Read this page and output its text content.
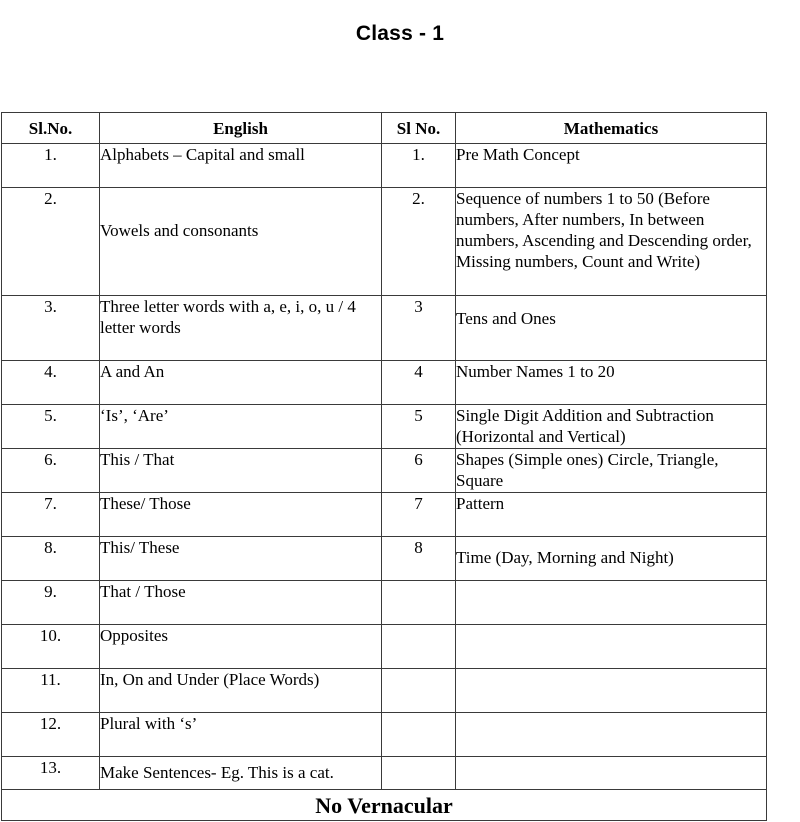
Class - 1
Sl.No.	English	Sl No.	Mathematics
1.	Alphabets – Capital and small	1.	Pre Math Concept
2.	Vowels and consonants	2.	Sequence of numbers 1 to 50 (Before numbers, After numbers, In between numbers, Ascending and Descending order, Missing numbers, Count and Write)
3.	Three letter words with a, e, i, o, u / 4 letter words	3	Tens and Ones
4.	A and An	4	Number Names 1 to 20
5.	‘Is’, ‘Are’	5	Single Digit Addition and Subtraction (Horizontal and Vertical)
6.	This / That	6	Shapes (Simple ones) Circle, Triangle, Square
7.	These/ Those	7	Pattern
8.	This/ These	8	Time (Day, Morning and Night)
9.	That / Those		
10.	Opposites		
11.	In, On and Under (Place Words)		
12.	Plural with ‘s’		
13.	Make Sentences- Eg. This is a cat.		
No Vernacular			
